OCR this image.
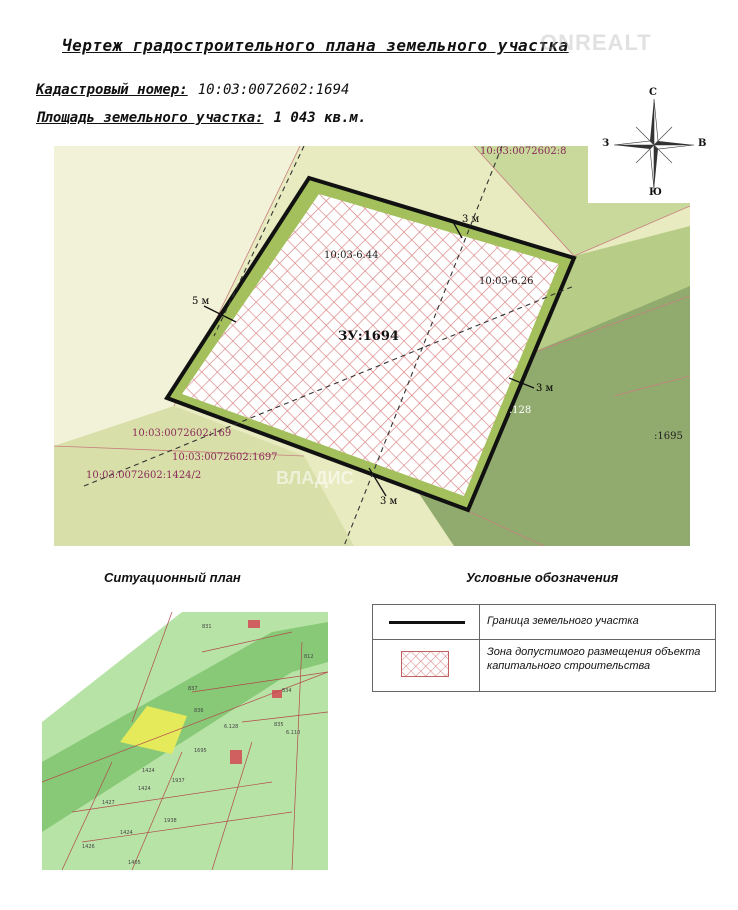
Чертеж градостроительного плана земельного участка
ONREALT
Кадастровый номер: 10:03:0072602:1694
Площадь земельного участка: 1 043 кв.м.
3 м
5 м
3 м
3 м
10:03-6.44
10:03-6.26
ЗУ:1694
10:03:0072602:8
10:03:0072602:169
10:03:0072602:1697
10:03:0072602:1424/2
:1695
.128
ВЛАДИС
С
Ю
З	В
Ситуационный план	Условные обозначения
831
812
837
836
834
6.128
1695
835
6.110
1424
1937
1427
1938
1424
1426
1405
1424
Граница земельного участка
Зона допустимого размещения объекта капитального строительства
